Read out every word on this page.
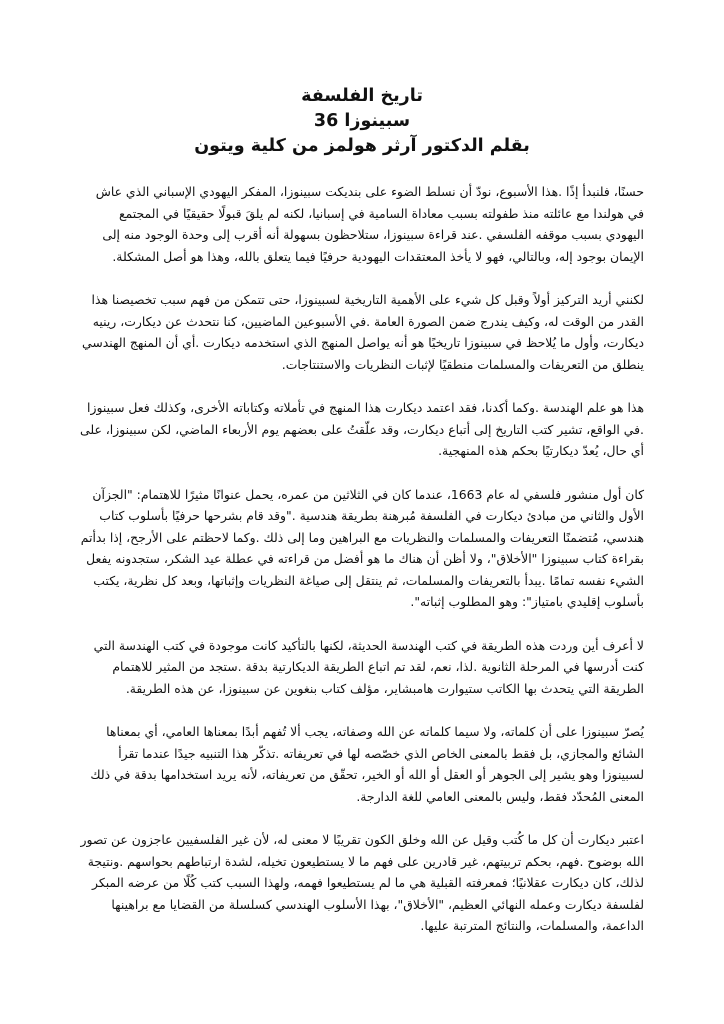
تاريخ الفلسفة
سبينوزا 36
بقلم الدكتور آرثر هولمز من كلية ويتون

حسنًا، فلنبدأ إذًا .هذا الأسبوع، نودّ أن نسلط الضوء على بنديكت سبينوزا، المفكر اليهودي الإسباني الذي عاش في هولندا مع عائلته منذ طفولته بسبب معاداة السامية في إسبانيا، لكنه لم يلقَ قبولًا حقيقيًا في المجتمع اليهودي بسبب موقفه الفلسفي .عند قراءة سبينوزا، ستلاحظون بسهولة أنه أقرب إلى وحدة الوجود منه إلى الإيمان بوجود إله، وبالتالي، فهو لا يأخذ المعتقدات اليهودية حرفيًا فيما يتعلق بالله، وهذا هو أصل المشكلة.

لكنني أريد التركيز أولاً وقبل كل شيء على الأهمية التاريخية لسبينوزا، حتى تتمكن من فهم سبب تخصيصنا هذا القدر من الوقت له، وكيف يندرج ضمن الصورة العامة .في الأسبوعين الماضيين، كنا نتحدث عن ديكارت، رينيه ديكارت، وأول ما يُلاحظ في سبينوزا تاريخيًا هو أنه يواصل المنهج الذي استخدمه ديكارت .أي أن المنهج الهندسي ينطلق من التعريفات والمسلمات منطقيًا لإثبات النظريات والاستنتاجات.

هذا هو علم الهندسة .وكما أكدنا، فقد اعتمد ديكارت هذا المنهج في تأملاته وكتاباته الأخرى، وكذلك فعل سبينوزا .في الواقع، تشير كتب التاريخ إلى أتباع ديكارت، وقد علّقتُ على بعضهم يوم الأربعاء الماضي، لكن سبينوزا، على أي حال، يُعدّ ديكارتيًا بحكم هذه المنهجية.

كان أول منشور فلسفي له عام 1663، عندما كان في الثلاثين من عمره، يحمل عنوانًا مثيرًا للاهتمام: "الجزآن الأول والثاني من مبادئ ديكارت في الفلسفة مُبرهنة بطريقة هندسية ."وقد قام بشرحها حرفيًا بأسلوب كتاب هندسي، مُتضمنًا التعريفات والمسلمات والنظريات مع البراهين وما إلى ذلك .وكما لاحظتم على الأرجح، إذا بدأتم بقراءة كتاب سبينوزا "الأخلاق"، ولا أظن أن هناك ما هو أفضل من قراءته في عطلة عيد الشكر، ستجدونه يفعل الشيء نفسه تمامًا .يبدأ بالتعريفات والمسلمات، ثم ينتقل إلى صياغة النظريات وإثباتها، وبعد كل نظرية، يكتب بأسلوب إقليدي بامتياز": وهو المطلوب إثباته".

لا أعرف أين وردت هذه الطريقة في كتب الهندسة الحديثة، لكنها بالتأكيد كانت موجودة في كتب الهندسة التي كنت أدرسها في المرحلة الثانوية .لذا، نعم، لقد تم اتباع الطريقة الديكارتية بدقة .ستجد من المثير للاهتمام الطريقة التي يتحدث بها الكاتب ستيوارت هامبشاير، مؤلف كتاب بنغوين عن سبينوزا، عن هذه الطريقة.

يُصرّ سبينوزا على أن كلماته، ولا سيما كلماته عن الله وصفاته، يجب ألا تُفهم أبدًا بمعناها العامي، أي بمعناها الشائع والمجازي، بل فقط بالمعنى الخاص الذي خصّصه لها في تعريفاته .تذكّر هذا التنبيه جيدًا عندما تقرأ لسبينوزا وهو يشير إلى الجوهر أو العقل أو الله أو الخير، تحقّق من تعريفاته، لأنه يريد استخدامها بدقة في ذلك المعنى المُحدّد فقط، وليس بالمعنى العامي للغة الدارجة.

اعتبر ديكارت أن كل ما كُتب وقيل عن الله وخلق الكون تقريبًا لا معنى له، لأن غير الفلسفيين عاجزون عن تصور الله بوضوح .فهم، بحكم تربيتهم، غير قادرين على فهم ما لا يستطيعون تخيله، لشدة ارتباطهم بحواسهم .ونتيجة لذلك، كان ديكارت عقلانيًا؛ فمعرفته القبلية هي ما لم يستطيعوا فهمه، ولهذا السبب كتب كُلًا من عرضه المبكر لفلسفة ديكارت وعمله النهائي العظيم، "الأخلاق"، بهذا الأسلوب الهندسي كسلسلة من القضايا مع براهينها الداعمة، والمسلمات، والنتائج المترتبة عليها.
